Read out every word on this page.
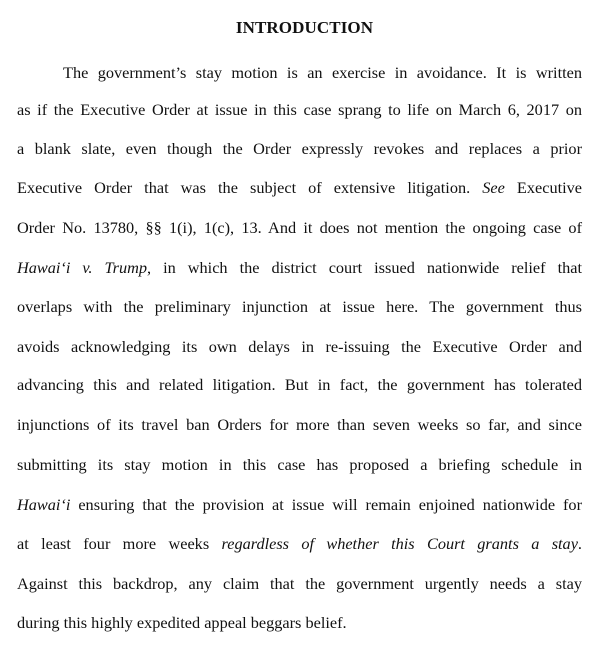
INTRODUCTION
The government’s stay motion is an exercise in avoidance. It is written
as if the Executive Order at issue in this case sprang to life on March 6, 2017 on
a blank slate, even though the Order expressly revokes and replaces a prior
Executive Order that was the subject of extensive litigation. See Executive
Order No. 13780, §§ 1(i), 1(c), 13. And it does not mention the ongoing case of
Hawai‘i v. Trump, in which the district court issued nationwide relief that
overlaps with the preliminary injunction at issue here. The government thus
avoids acknowledging its own delays in re-issuing the Executive Order and
advancing this and related litigation. But in fact, the government has tolerated
injunctions of its travel ban Orders for more than seven weeks so far, and since
submitting its stay motion in this case has proposed a briefing schedule in
Hawai‘i ensuring that the provision at issue will remain enjoined nationwide for
at least four more weeks regardless of whether this Court grants a stay.
Against this backdrop, any claim that the government urgently needs a stay
during this highly expedited appeal beggars belief.
